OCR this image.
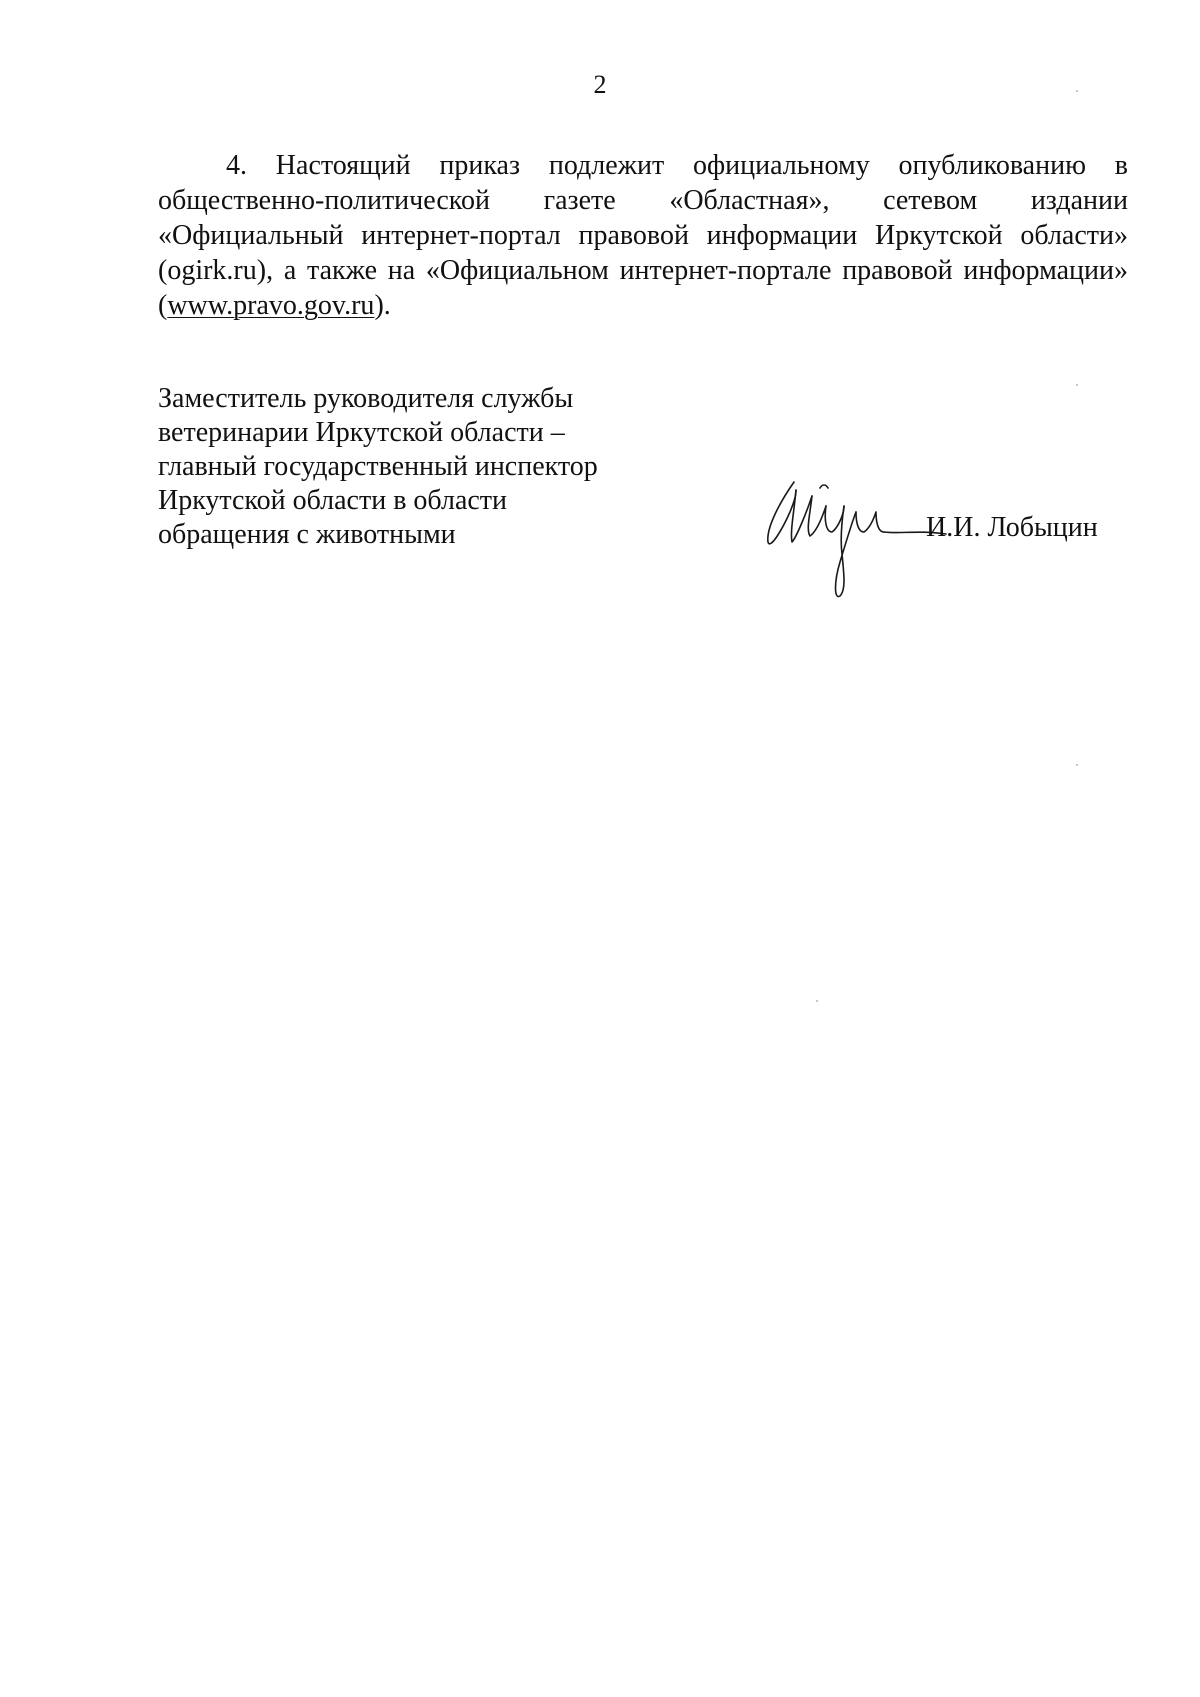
2
4. Настоящий приказ подлежит официальному опубликованию в
общественно-политической газете «Областная», сетевом издании
«Официальный интернет-портал правовой информации Иркутской области»
(ogirk.ru), а также на «Официальном интернет-портале правовой информации»
(www.pravo.gov.ru).
Заместитель руководителя службы
ветеринарии Иркутской области –
главный государственный инспектор
Иркутской области в области
обращения с животными	И.И. Лобыцин
